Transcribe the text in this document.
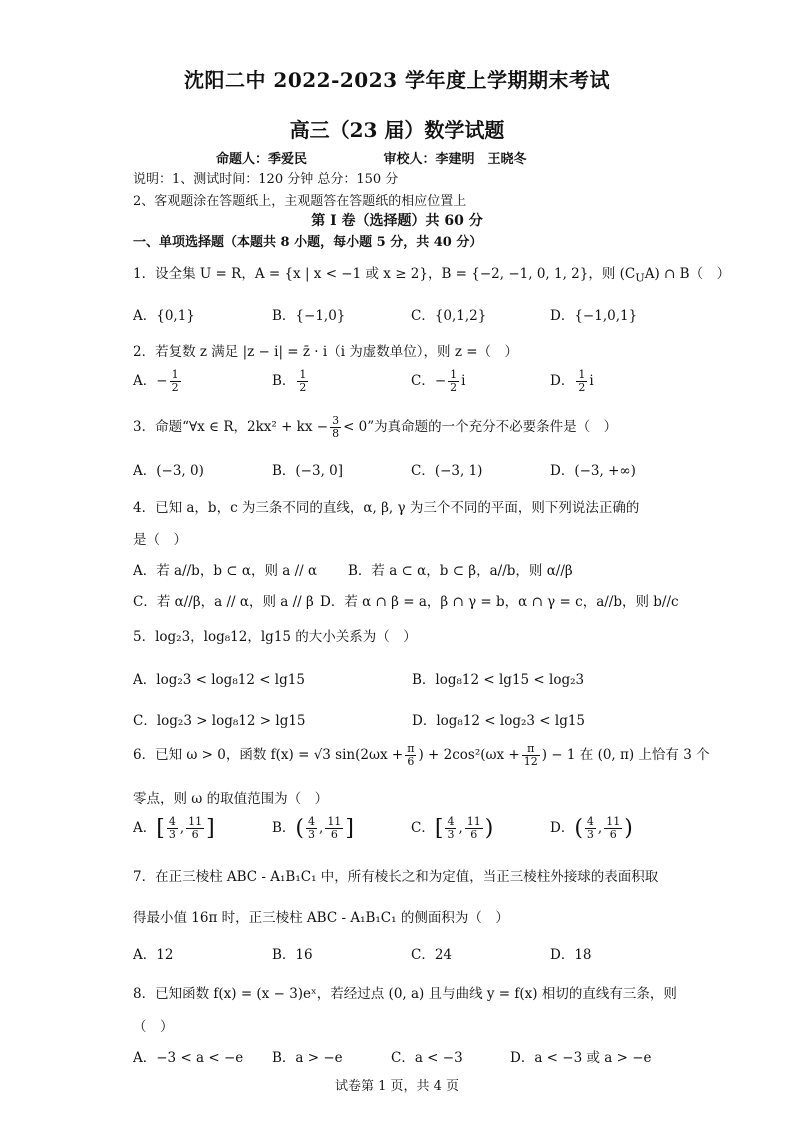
沈阳二中 2022-2023 学年度上学期期末考试
高三（23 届）数学试题
命题人：季爱民	审校人：李建明　王晓冬
说明：1、测试时间：120 分钟 总分：150 分
2、客观题涂在答题纸上，主观题答在答题纸的相应位置上
第 I 卷（选择题）共 60 分
一、单项选择题（本题共 8 小题，每小题 5 分，共 40 分）
1．设全集 U = R，A = {x | x < −1 或 x ≥ 2}，B = {−2, −1, 0, 1, 2}，则 $(C_UA)$ ∩ B（　）
A．{0,1}	B．{−1,0}	C．{0,1,2}	D．{−1,0,1}
2．若复数 z 满足 |z − i| = z̄ · i（i 为虚数单位），则 z =（　）
A．− $\frac{1}{2}$	B． $\frac{1}{2}$	C．− $\frac{1}{2}$ i	D． $\frac{1}{2}$ i
3．命题“∀x ∈ R，2kx² + kx − $\frac{3}{8} < 0$”为真命题的一个充分不必要条件是（　）
A．(−3, 0)	B．(−3, 0]	C．(−3, 1)	D．(−3, +∞)
4．已知 a，b，c 为三条不同的直线，α, β, γ 为三个不同的平面，则下列说法正确的
是（　）
A．若 a//b，b ⊂ α，则 a // α B．若 a ⊂ α，b ⊂ β，a//b，则 α//β
C．若 α//β，a // α，则 a // β D．若 α ∩ β = a，β ∩ γ = b，α ∩ γ = c，a//b，则 b//c
5．log₂3，log₈12，lg15 的大小关系为（　）
A．log₂3 < log₈12 < lg15	B．log₈12 < lg15 < log₂3
C．log₂3 > log₈12 > lg15	D．log₈12 < log₂3 < lg15
6．已知 ω > 0，函数 f(x) = √3 $\sin(2\omega x + \frac{\pi}{6}$ ) + $2\cos^2(\omega x + \frac{\pi}{12}$ ) − 1 在 (0, π) 上恰有 3 个
零点，则 ω 的取值范围为（　）
A．[ $\frac{4}{3}$ , $\frac{11}{6}$ ]	B．( $\frac{4}{3}$ , $\frac{11}{6}$ ]	C．[ $\frac{4}{3}$ , $\frac{11}{6}$ )	D．( $\frac{4}{3}$ , $\frac{11}{6}$ )
7．在正三棱柱 ABC - A₁B₁C₁ 中，所有棱长之和为定值，当正三棱柱外接球的表面积取
得最小值 16π 时，正三棱柱 ABC - A₁B₁C₁ 的侧面积为（　）
A．12	B．16	C．24	D．18
8．已知函数 f(x) = (x − 3)eˣ，若经过点 (0, a) 且与曲线 y = f(x) 相切的直线有三条，则
（　）
A．−3 < a < −e B．a > −e	C．a < −3	D．a < −3 或 a > −e
试卷第 1 页，共 4 页
